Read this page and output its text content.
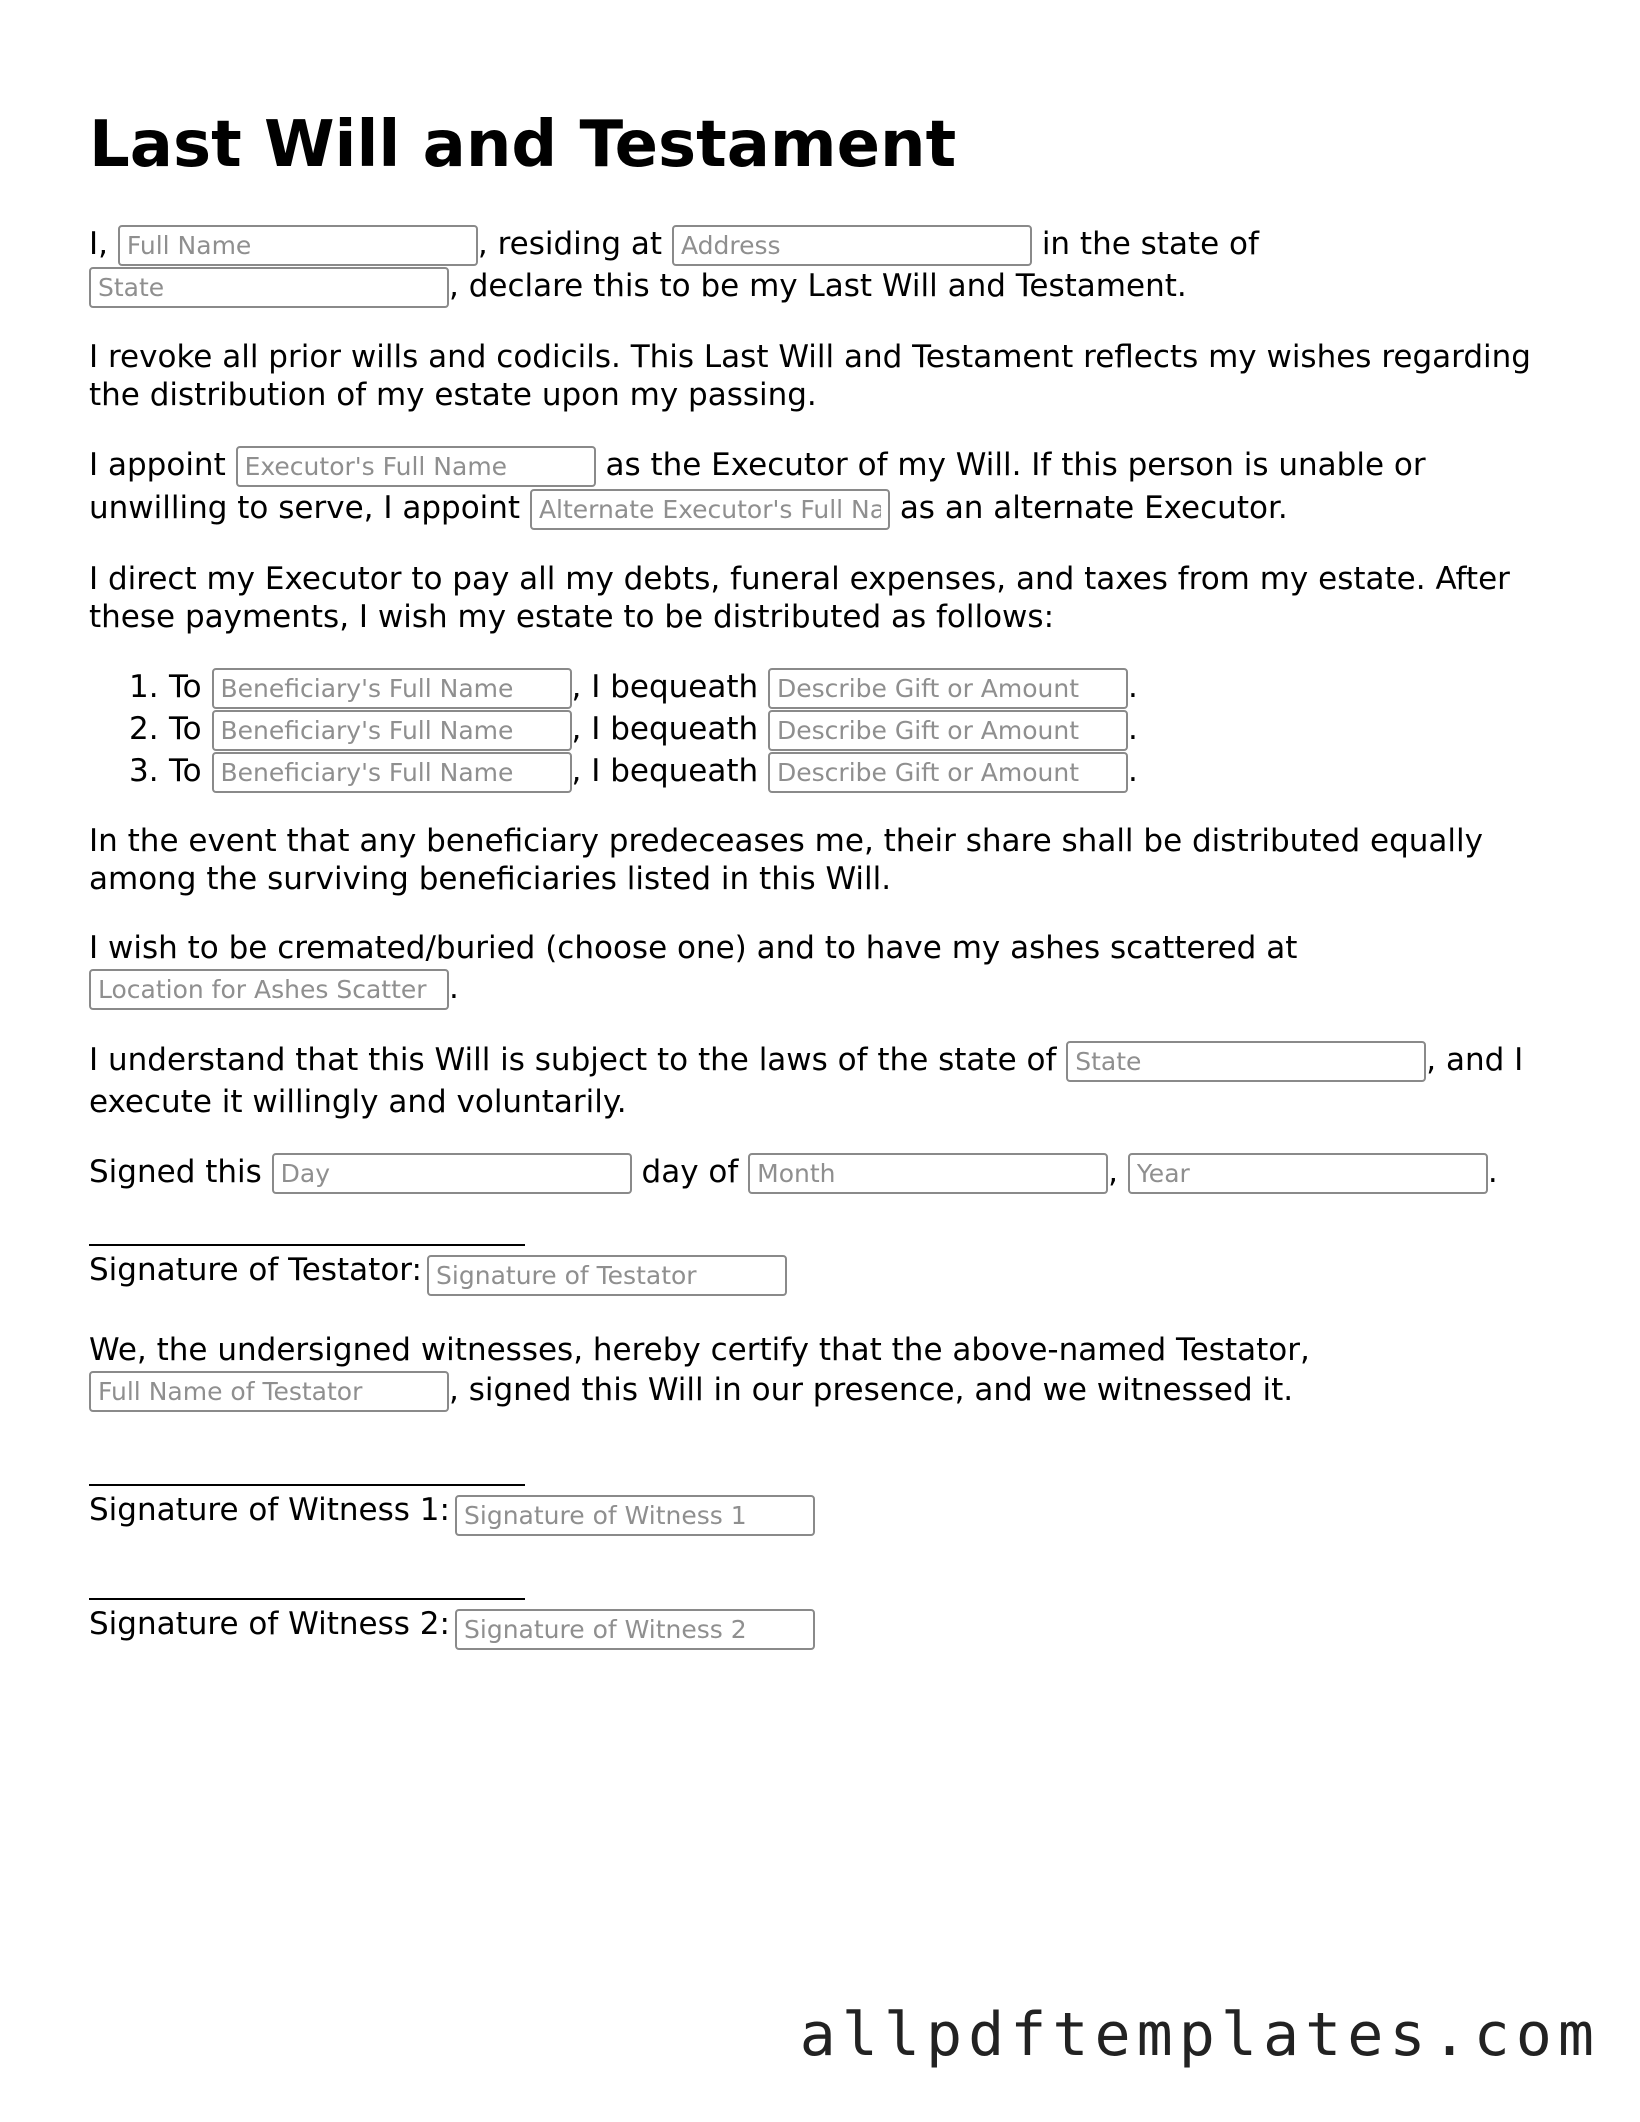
Last Will and Testament

I, Full Name	, residing at Address	in the state of
State, declare this to be my Last Will and Testament.

I revoke all prior wills and codicils. This Last Will and Testament reflects my wishes regarding the distribution of my estate upon my passing.

I appoint Executor's Full Name	as the Executor of my Will. If this person is unable or unwilling to serve, I appoint Alternate Executor's Full Name	as an alternate Executor.

I direct my Executor to pay all my debts, funeral expenses, and taxes from my estate. After these payments, I wish my estate to be distributed as follows:

1. To Beneficiary's Full Name	, I bequeath Describe Gift or Amount	.
2. To Beneficiary's Full Name	, I bequeath Describe Gift or Amount	.
3. To Beneficiary's Full Name	, I bequeath Describe Gift or Amount	.

In the event that any beneficiary predeceases me, their share shall be distributed equally among the surviving beneficiaries listed in this Will.

I wish to be cremated/buried (choose one) and to have my ashes scattered at
Location for Ashes Scatter.

I understand that this Will is subject to the laws of the state of State	, and I execute it willingly and voluntarily.

Signed this Day	day of Month	, Year	.

Signature of Testator: Signature of Testator

We, the undersigned witnesses, hereby certify that the above-named Testator,
Full Name of Testator, signed this Will in our presence, and we witnessed it.

Signature of Witness 1: Signature of Witness 1
Signature of Witness 2: Signature of Witness 2
allpdftemplates.com
